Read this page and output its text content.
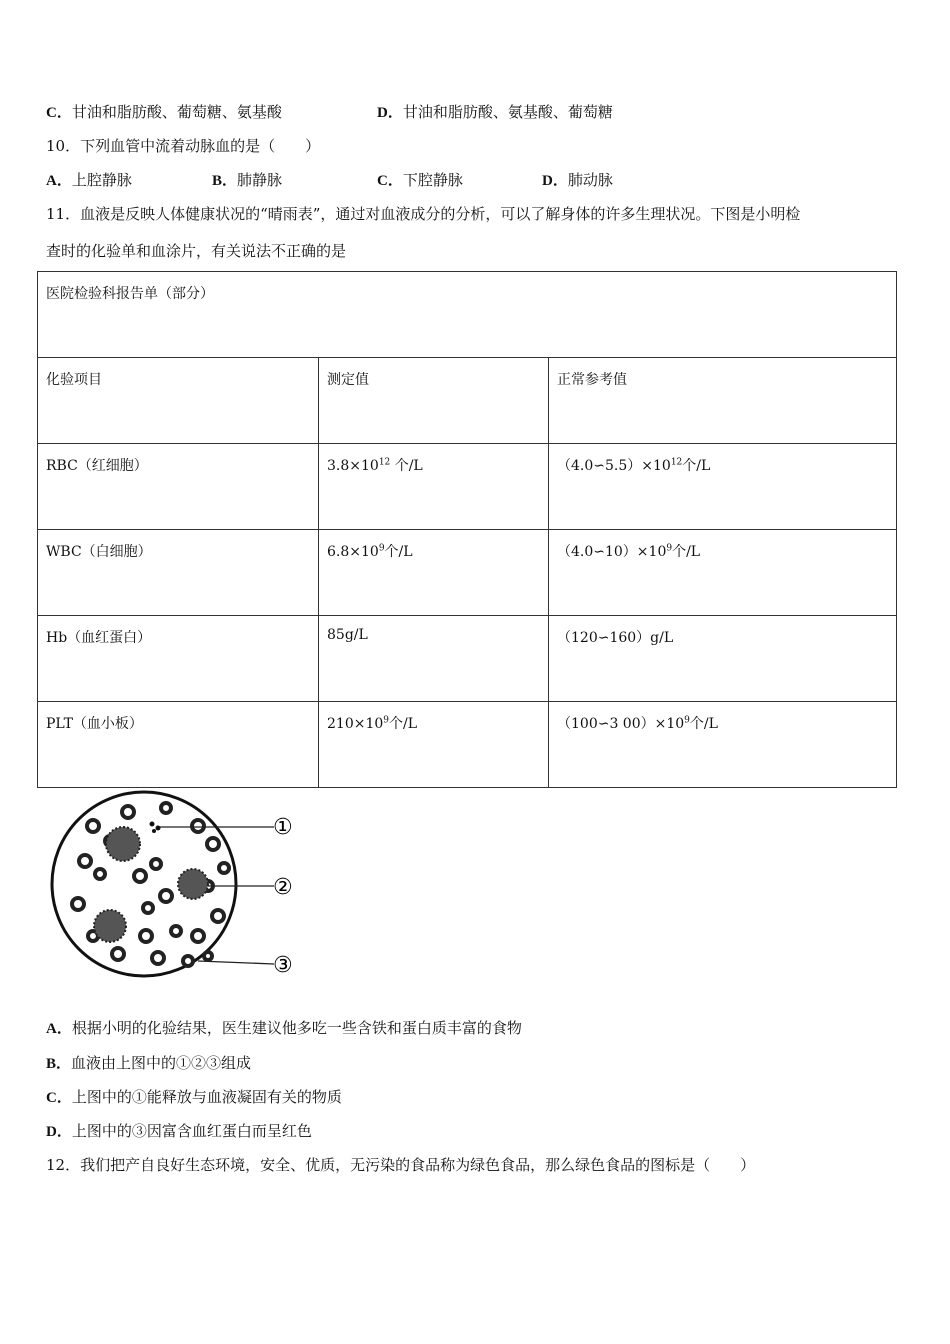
C．甘油和脂肪酸、葡萄糖、氨基酸	D．甘油和脂肪酸、氨基酸、葡萄糖
10．下列血管中流着动脉血的是（　　）
A．上腔静脉	B．肺静脉	C．下腔静脉	D．肺动脉
11．血液是反映人体健康状况的“晴雨表”，通过对血液成分的分析，可以了解身体的许多生理状况。下图是小明检
查时的化验单和血涂片，有关说法不正确的是
医院检验科报告单（部分）		
化验项目	测定值	正常参考值
RBC（红细胞）	$3.8\times 10^{12}$ 个/L	$(4.0∽5.5)\times 10^{12}$个/L
WBC（白细胞）	$6.8\times 10^9$个/L	$(4.0∽10)\times 10^9$个/L
Hb（血红蛋白）	85g/L	（120∽160）g/L
PLT（血小板）	$210\times 10^9$个/L	（100∽3 $00)\times 10^9$个/L
①
②
③
A．根据小明的化验结果，医生建议他多吃一些含铁和蛋白质丰富的食物
B．血液由上图中的①②③组成
C．上图中的①能释放与血液凝固有关的物质
D．上图中的③因富含血红蛋白而呈红色
12．我们把产自良好生态环境，安全、优质，无污染的食品称为绿色食品，那么绿色食品的图标是（　　）
